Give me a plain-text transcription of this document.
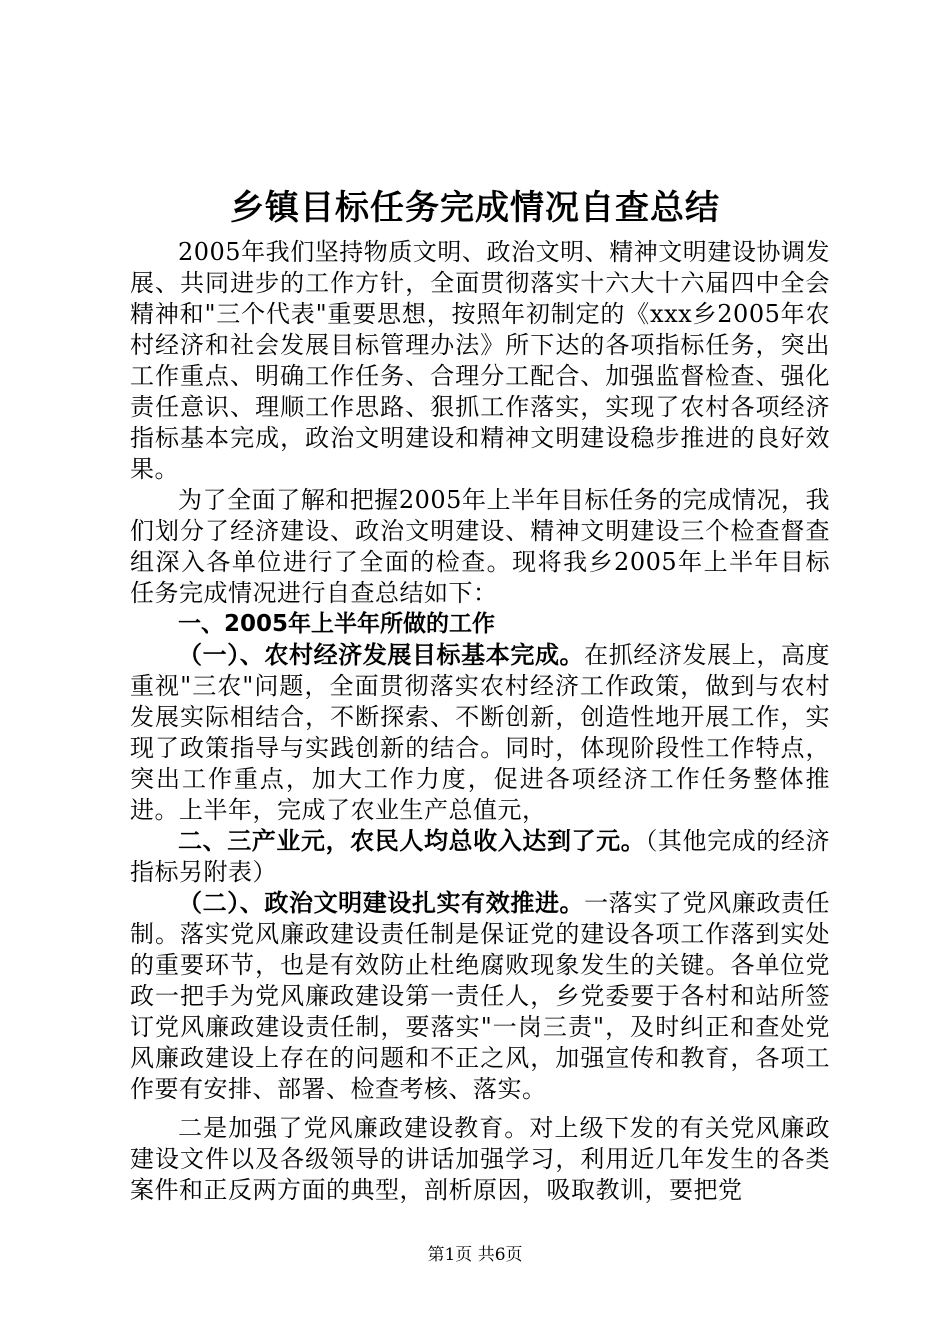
乡镇目标任务完成情况自查总结

2005年我们坚持物质文明、政治文明、精神文明建设协调发展、共同进步的工作方针，全面贯彻落实十六大十六届四中全会精神和"三个代表"重要思想，按照年初制定的《xxx乡2005年农村经济和社会发展目标管理办法》所下达的各项指标任务，突出工作重点、明确工作任务、合理分工配合、加强监督检查、强化责任意识、理顺工作思路、狠抓工作落实，实现了农村各项经济指标基本完成，政治文明建设和精神文明建设稳步推进的良好效果。

为了全面了解和把握2005年上半年目标任务的完成情况，我们划分了经济建设、政治文明建设、精神文明建设三个检查督查组深入各单位进行了全面的检查。现将我乡2005年上半年目标任务完成情况进行自查总结如下：

一、2005年上半年所做的工作

（一）、农村经济发展目标基本完成。在抓经济发展上，高度重视"三农"问题，全面贯彻落实农村经济工作政策，做到与农村发展实际相结合，不断探索、不断创新，创造性地开展工作，实现了政策指导与实践创新的结合。同时，体现阶段性工作特点，突出工作重点，加大工作力度，促进各项经济工作任务整体推进。上半年，完成了农业生产总值元，

二、三产业元，农民人均总收入达到了元。（其他完成的经济指标另附表）

（二）、政治文明建设扎实有效推进。一落实了党风廉政责任制。落实党风廉政建设责任制是保证党的建设各项工作落到实处的重要环节，也是有效防止杜绝腐败现象发生的关键。各单位党政一把手为党风廉政建设第一责任人，乡党委要于各村和站所签订党风廉政建设责任制，要落实"一岗三责"，及时纠正和查处党风廉政建设上存在的问题和不正之风，加强宣传和教育，各项工作要有安排、部署、检查考核、落实。

二是加强了党风廉政建设教育。对上级下发的有关党风廉政建设文件以及各级领导的讲话加强学习，利用近几年发生的各类案件和正反两方面的典型，剖析原因，吸取教训，要把党

第1页 共6页
